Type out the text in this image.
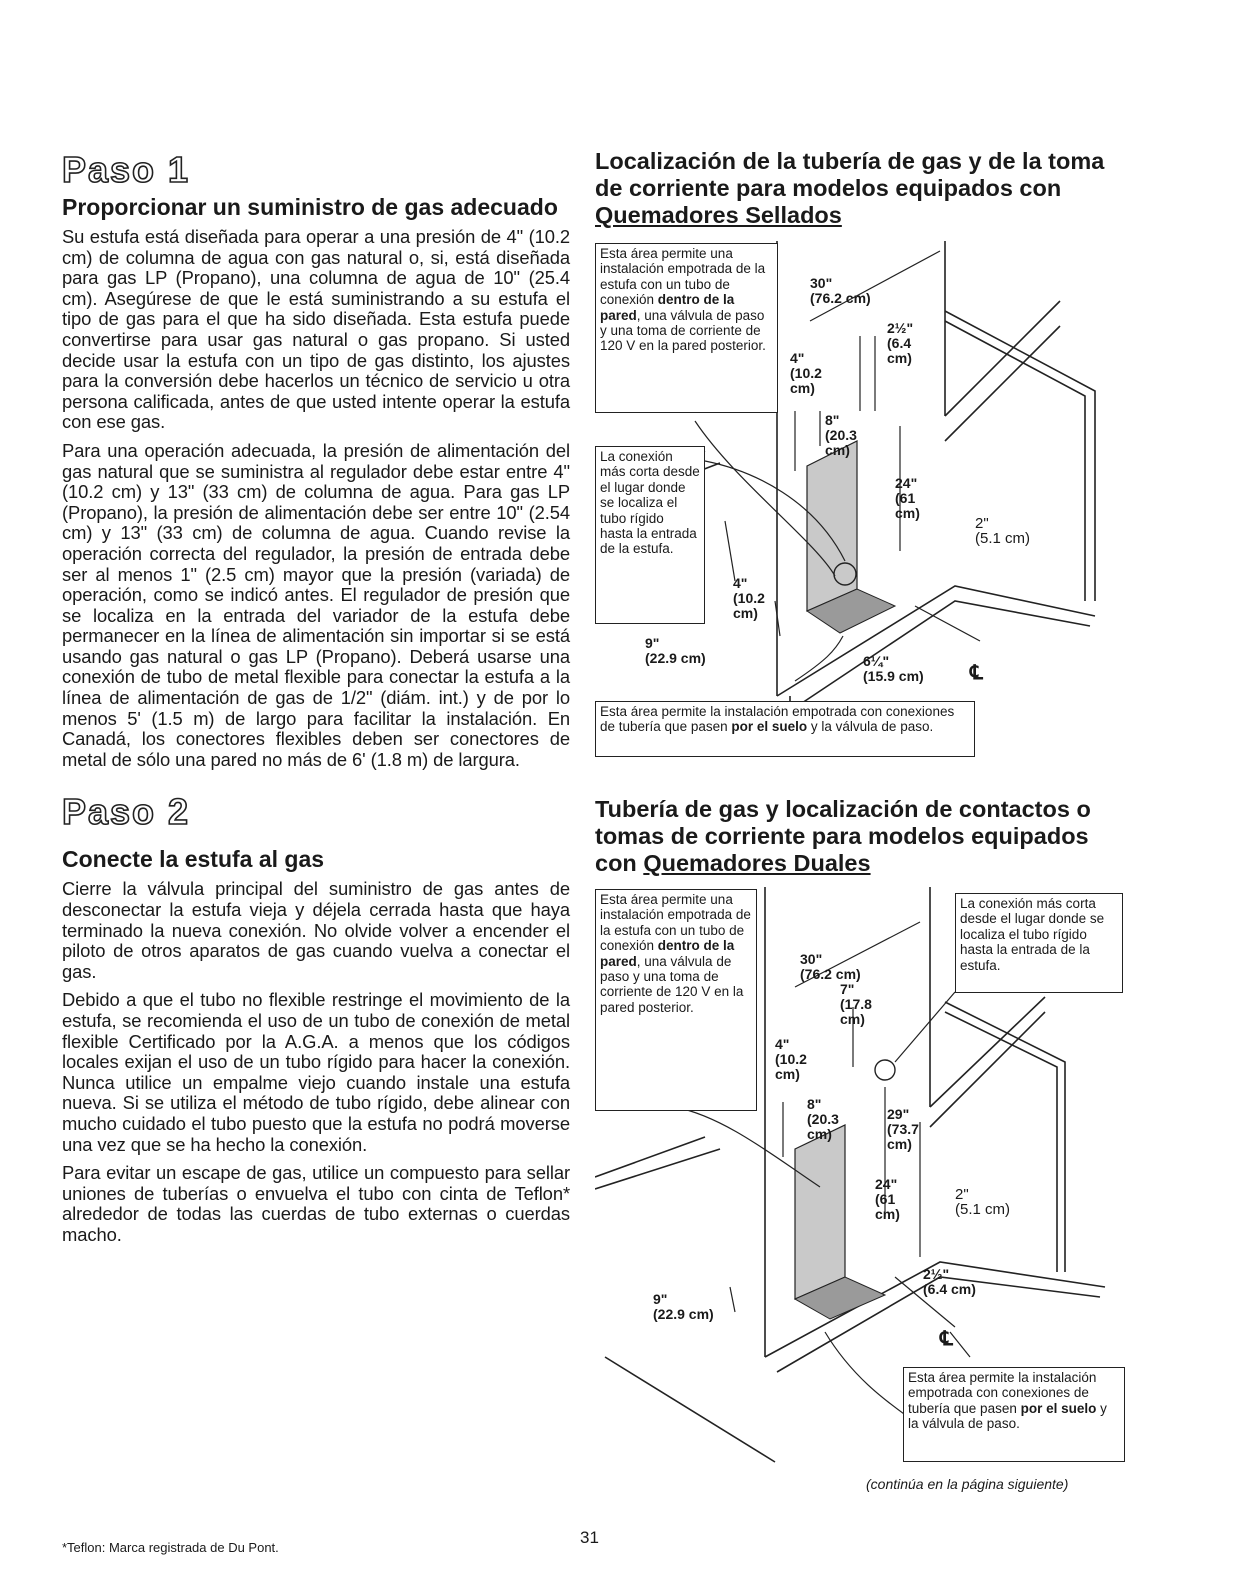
Paso 1
Proporcionar un suministro de gas adecuado

Su estufa está diseñada para operar a una presión de 4" (10.2 cm) de columna de agua con gas natural o, si, está diseñada para gas LP (Propano), una columna de agua de 10" (25.4 cm). Asegúrese de que le está suministrando a su estufa el tipo de gas para el que ha sido diseñada. Esta estufa puede convertirse para usar gas natural o gas propano. Si usted decide usar la estufa con un tipo de gas distinto, los ajustes para la conversión debe hacerlos un técnico de servicio u otra persona calificada, antes de que usted intente operar la estufa con ese gas.

Para una operación adecuada, la presión de alimentación del gas natural que se suministra al regulador debe estar entre 4" (10.2 cm) y 13" (33 cm) de columna de agua. Para gas LP (Propano), la presión de alimentación debe ser entre 10" (2.54 cm) y 13" (33 cm) de columna de agua. Cuando revise la operación correcta del regulador, la presión de entrada debe ser al menos 1" (2.5 cm) mayor que la presión (variada) de operación, como se indicó antes. El regulador de presión que se localiza en la entrada del variador de la estufa debe permanecer en la línea de alimentación sin importar si se está usando gas natural o gas LP (Propano). Deberá usarse una conexión de tubo de metal flexible para conectar la estufa a la línea de alimentación de gas de 1/2" (diám. int.) y de por lo menos 5' (1.5 m) de largo para facilitar la instalación. En Canadá, los conectores flexibles deben ser conectores de metal de sólo una pared no más de 6' (1.8 m) de largura.

Paso 2
Conecte la estufa al gas

Cierre la válvula principal del suministro de gas antes de desconectar la estufa vieja y déjela cerrada hasta que haya terminado la nueva conexión. No olvide volver a encender el piloto de otros aparatos de gas cuando vuelva a conectar el gas.

Debido a que el tubo no flexible restringe el movimiento de la estufa, se recomienda el uso de un tubo de conexión de metal flexible Certificado por la A.G.A. a menos que los códigos locales exijan el uso de un tubo rígido para hacer la conexión. Nunca utilice un empalme viejo cuando instale una estufa nueva. Si se utiliza el método de tubo rígido, debe alinear con mucho cuidado el tubo puesto que la estufa no podrá moverse una vez que se ha hecho la conexión.

Para evitar un escape de gas, utilice un compuesto para sellar uniones de tuberías o envuelva el tubo con cinta de Teflon* alrededor de todas las cuerdas de tubo externas o cuerdas macho.

Localización de la tubería de gas y de la toma de corriente para modelos equipados con Quemadores Sellados

Esta área permite una instalación empotrada de la estufa con un tubo de conexión dentro de la pared, una válvula de paso y una toma de corriente de 120 V en la pared posterior.
La conexión más corta desde el lugar donde se localiza el tubo rígido hasta la entrada de la estufa.
Esta área permite la instalación empotrada con conexiones de tubería que pasen por el suelo y la válvula de paso.
30"
(76.2 cm)
2½"
(6.4
cm)
4"
(10.2
cm)
8"
(20.3
cm)
24"
(61
cm)
2"
(5.1 cm)
4"
(10.2
cm)
9"
(22.9 cm)	6¼"
(15.9 cm) ℄

Tubería de gas y localización de contactos o tomas de corriente para modelos equipados con Quemadores Duales

Esta área permite una instalación empotrada de la estufa con un tubo de conexión dentro de la pared, una válvula de paso y una toma de corriente de 120 V en la pared posterior.
La conexión más corta desde el lugar donde se localiza el tubo rígido hasta la entrada de la estufa.
Esta área permite la instalación empotrada con conexiones de tubería que pasen por el suelo y la válvula de paso.
30"
(76.2 cm)
7"
(17.8
cm)
4"
(10.2
cm)
8"
(20.3
cm)
29"
(73.7
cm)
24"
(61
cm)
2"
(5.1 cm)
2½"
(6.4 cm)
9"
(22.9 cm)
℄
(continúa en la página siguiente)
31
*Teflon: Marca registrada de Du Pont.
